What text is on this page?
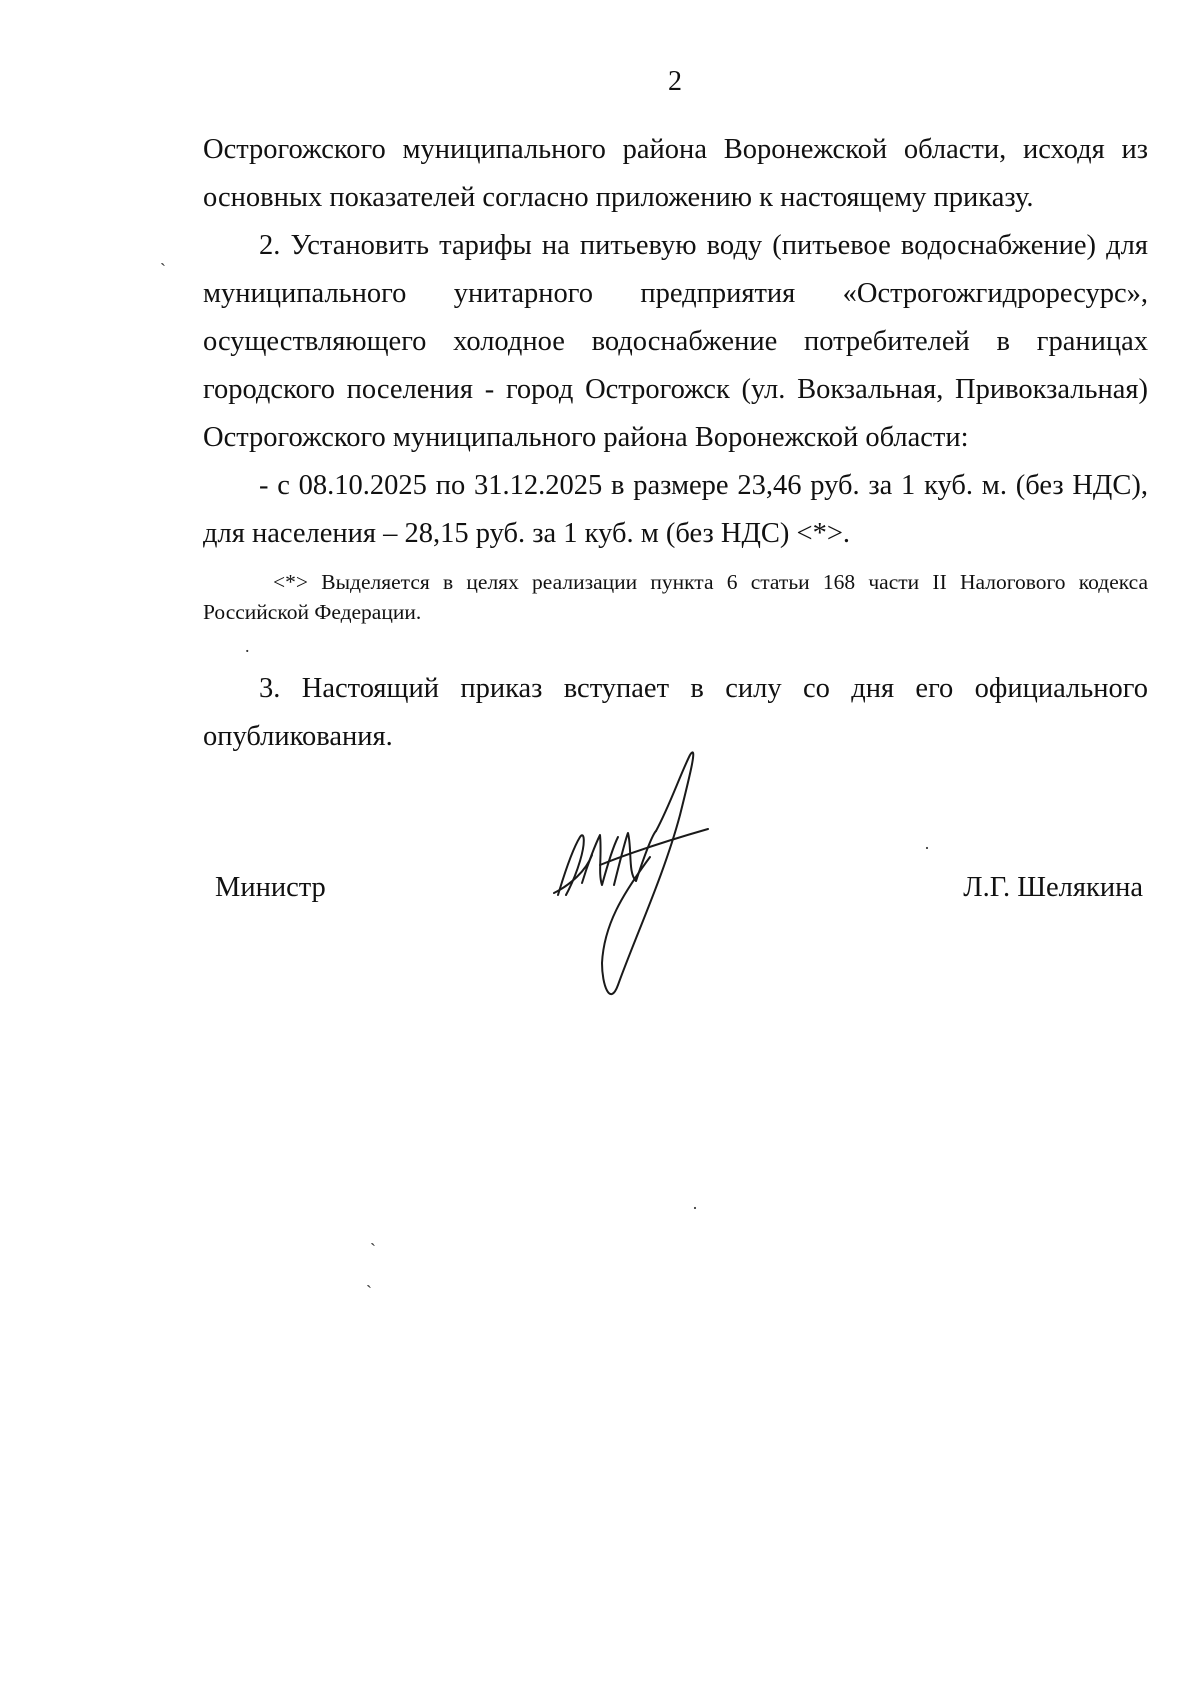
2
Острогожского муниципального района Воронежской области, исходя из
основных показателей согласно приложению к настоящему приказу.
2. Установить тарифы на питьевую воду (питьевое водоснабжение) для
муниципального унитарного предприятия «Острогожгидроресурс»,
осуществляющего холодное водоснабжение потребителей в границах
городского поселения - город Острогожск (ул. Вокзальная, Привокзальная)
Острогожского муниципального района Воронежской области:
- с 08.10.2025 по 31.12.2025 в размере 23,46 руб. за 1 куб. м. (без НДС),
для населения – 28,15 руб. за 1 куб. м (без НДС) <*>.
<*> Выделяется в целях реализации пункта 6 статьи 168 части II Налогового кодекса
Российской Федерации.
3. Настоящий приказ вступает в силу со дня его официального
опубликования.
Министр	Л.Г. Шелякина
ˏ
.
·
·
ˋ
ˏ
